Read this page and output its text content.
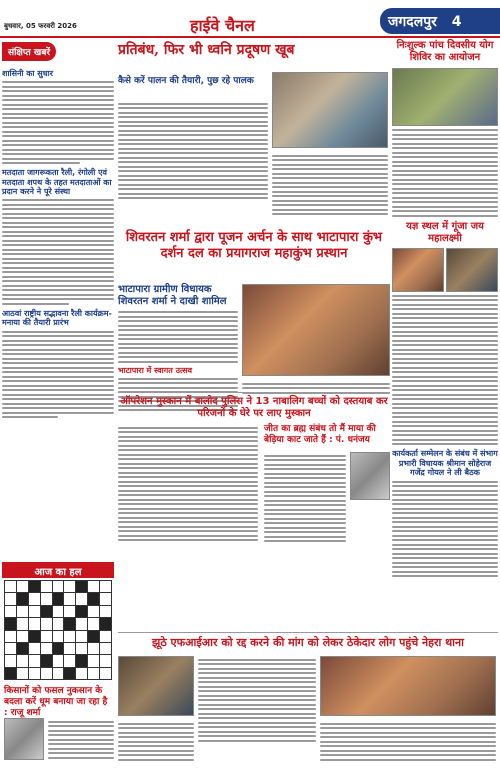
बुधवार, 05 फरवरी 2026	हाईवे चैनल	जगदलपुर 4
संक्षिप्त खबरें
शासिनी का सुधार
मतदाता जागरूकता रैली, रंगोली एवं मतदाता शपथ के तहत मतदाताओं का प्रदान करने ने पूरे संस्था
आठवां राष्ट्रीय सद्भावना रैली कार्यक्रम-मनाया की तैयारी प्रारंभ
प्रतिबंध, फिर भी ध्वनि प्रदूषण खूब
कैसे करें पालन की तैयारी, पुछ रहे पालक
शिवरतन शर्मा द्वारा पूजन अर्चन के साथ भाटापारा कुंभ दर्शन दल का प्रयागराज महाकुंभ प्रस्थान
भाटापारा ग्रामीण विधायक शिवरतन शर्मा ने दाखी शामिल
भाटापारा में स्वागत उत्सव
निःशुल्क पांच दिवसीय योग शिविर का आयोजन
यज्ञ स्थल में गूंजा जय महालक्ष्मी
कार्यकर्ता सम्मेलन के संबंध में संभाग प्रभारी विधायक श्रीमान सोहेराज गजेंद्र गोयल ने ली बैठक
ऑपरेशन मुस्कान में बालोद पुलिस ने 13 नाबालिग बच्चों को दस्तयाब कर परिजनों के घेरे पर लाए मुस्कान
जीत का ब्रह्म संबंध तो मैं माया की बेड़िया काट जाते हैं : पं. धनंजय
आज का हल
किसानों को फसल नुकसान के बदला करें धूम बनाया जा रहा है : राजू शर्मा
झूठे एफआईआर को रद्द करने की मांग को लेकर ठेकेदार लोग पहुंचे नेहरा थाना
